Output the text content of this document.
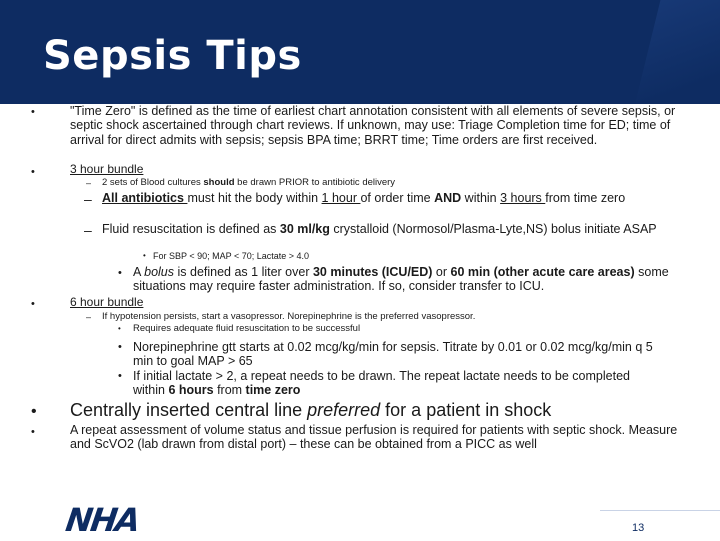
Sepsis Tips
•	"Time Zero" is defined as the time of earliest chart annotation consistent with all elements of severe sepsis, or septic shock ascertained through chart reviews. If unknown, may use: Triage Completion time for ED; time of arrival for direct admits with sepsis; sepsis BPA time; BRRT time; Time orders are first received.
•	3 hour bundle
– 2 sets of Blood cultures should be drawn PRIOR to antibiotic delivery
– All antibiotics must hit the body within 1 hour of order time AND within 3 hours from time zero
– Fluid resuscitation is defined as 30 ml/kg crystalloid (Normosol/Plasma-Lyte,NS) bolus initiate ASAP
• For SBP < 90; MAP < 70; Lactate > 4.0
• A bolus is defined as 1 liter over 30 minutes (ICU/ED) or 60 min (other acute care areas) some situations may require faster administration. If so, consider transfer to ICU.
•	6 hour bundle
– If hypotension persists, start a vasopressor. Norepinephrine is the preferred vasopressor.
• Requires adequate fluid resuscitation to be successful
• Norepinephrine gtt starts at 0.02 mcg/kg/min for sepsis. Titrate by 0.01 or 0.02 mcg/kg/min q 5 min to goal MAP > 65
• If initial lactate > 2, a repeat needs to be drawn. The repeat lactate needs to be completed within 6 hours from time zero
• Centrally inserted central line preferred for a patient in shock
•	A repeat assessment of volume status and tissue perfusion is required for patients with septic shock. Measure and ScVO2 (lab drawn from distal port) – these can be obtained from a PICC as well
NHA	13
